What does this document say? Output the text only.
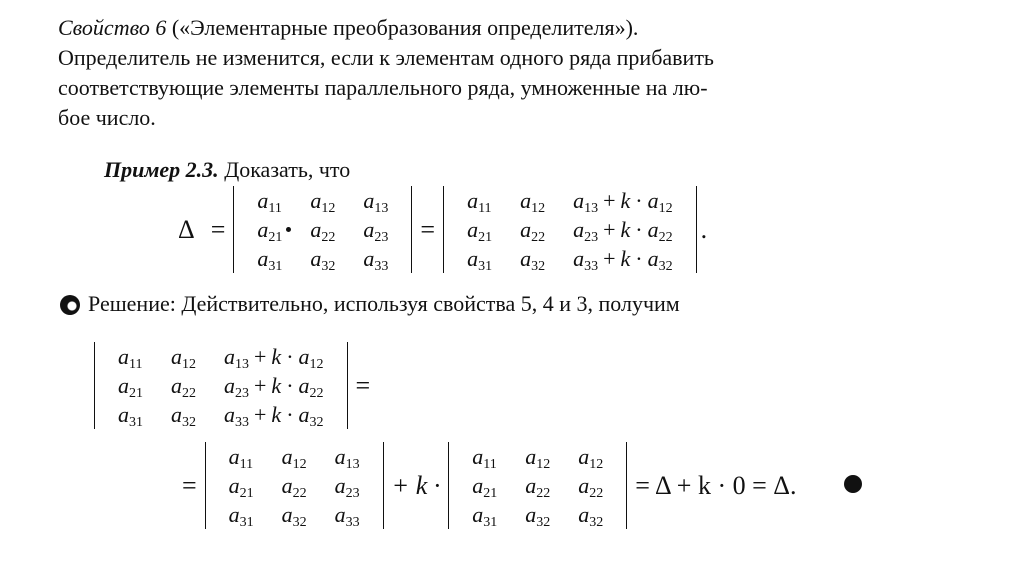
Свойство 6 («Элементарные преобразования определителя»).
Определитель не изменится, если к элементам одного ряда прибавить
соответствующие элементы параллельного ряда, умноженные на лю-
бое число.
Пример 2.3. Доказать, что
Δ =
$a_{11}$
$a_{21}$
$a_{31}$
$a_{12}$
$a_{22}$
$a_{32}$
$a_{13}$
$a_{23}$
$a_{33}$
=
$a_{11}$
$a_{21}$
$a_{31}$
$a_{12}$
$a_{22}$
$a_{32}$
$a_{13} + k \cdot a_{12}$
$a_{23} + k \cdot a_{22}$
$a_{33} + k \cdot a_{32}$
.
Решение: Действительно, используя свойства 5, 4 и 3, получим
$a_{11}$
$a_{21}$
$a_{31}$
$a_{12}$
$a_{22}$
$a_{32}$
$a_{13} + k \cdot a_{12}$
$a_{23} + k \cdot a_{22}$
$a_{33} + k \cdot a_{32}$
=
=
$a_{11}$
$a_{21}$
$a_{31}$
$a_{12}$
$a_{22}$
$a_{32}$
$a_{13}$
$a_{23}$
$a_{33}$
+ k ·
$a_{11}$
$a_{21}$
$a_{31}$
$a_{12}$
$a_{22}$
$a_{32}$
$a_{12}$
$a_{22}$
$a_{32}$
= Δ + k · 0 = Δ.
